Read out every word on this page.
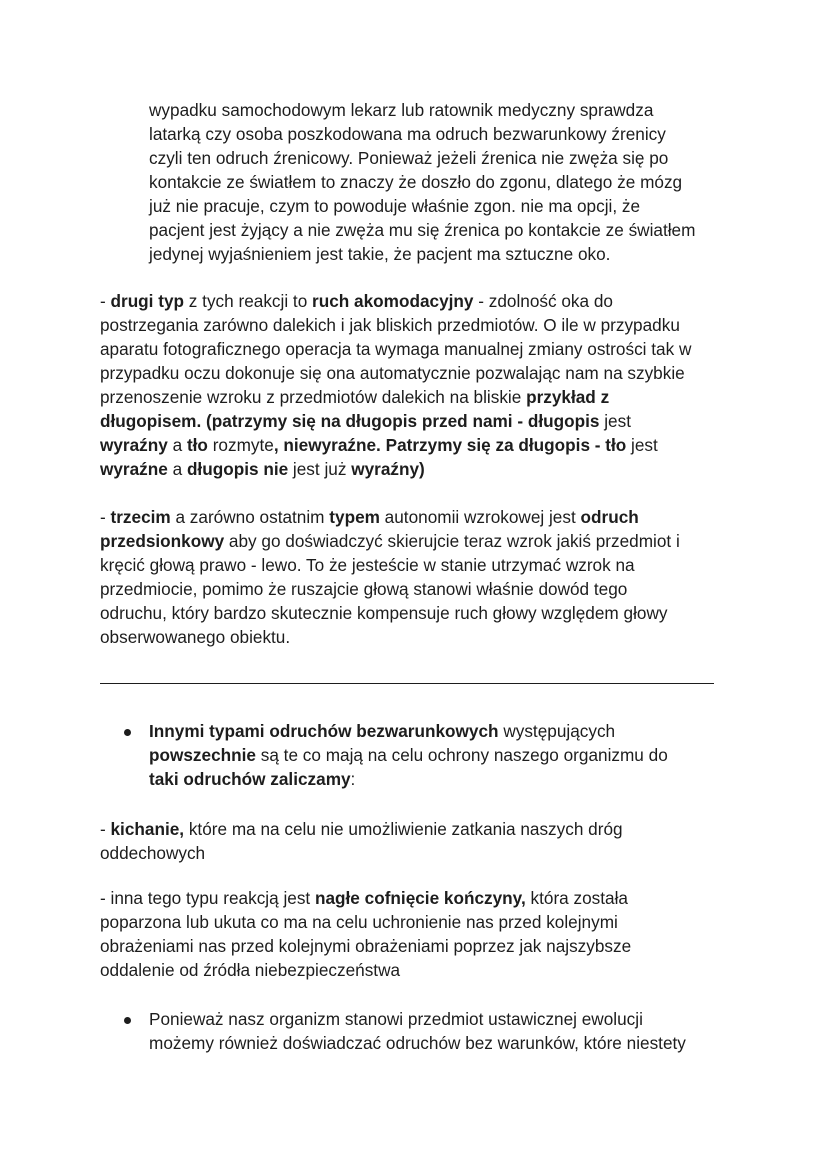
wypadku samochodowym lekarz lub ratownik medyczny sprawdza
latarką czy osoba poszkodowana ma odruch bezwarunkowy źrenicy
czyli ten odruch źrenicowy. Ponieważ jeżeli źrenica nie zwęża się po
kontakcie ze światłem to znaczy że doszło do zgonu, dlatego że mózg
już nie pracuje, czym to powoduje właśnie zgon. nie ma opcji, że
pacjent jest żyjący a nie zwęża mu się źrenica po kontakcie ze światłem
jedynej wyjaśnieniem jest takie, że pacjent ma sztuczne oko.
- drugi typ z tych reakcji to ruch akomodacyjny - zdolność oka do
postrzegania zarówno dalekich i jak bliskich przedmiotów. O ile w przypadku
aparatu fotograficznego operacja ta wymaga manualnej zmiany ostrości tak w
przypadku oczu dokonuje się ona automatycznie pozwalając nam na szybkie
przenoszenie wzroku z przedmiotów dalekich na bliskie przykład z
długopisem. (patrzymy się na długopis przed nami - długopis jest
wyraźny a tło rozmyte, niewyraźne. Patrzymy się za długopis - tło jest
wyraźne a długopis nie jest już wyraźny)
- trzecim a zarówno ostatnim typem autonomii wzrokowej jest odruch
przedsionkowy aby go doświadczyć skierujcie teraz wzrok jakiś przedmiot i
kręcić głową prawo - lewo. To że jesteście w stanie utrzymać wzrok na
przedmiocie, pomimo że ruszajcie głową stanowi właśnie dowód tego
odruchu, który bardzo skutecznie kompensuje ruch głowy względem głowy
obserwowanego obiektu.
Innymi typami odruchów bezwarunkowych występujących
powszechnie są te co mają na celu ochrony naszego organizmu do
taki odruchów zaliczamy:
- kichanie, które ma na celu nie umożliwienie zatkania naszych dróg
oddechowych
- inna tego typu reakcją jest nagłe cofnięcie kończyny, która została
poparzona lub ukuta co ma na celu uchronienie nas przed kolejnymi
obrażeniami nas przed kolejnymi obrażeniami poprzez jak najszybsze
oddalenie od źródła niebezpieczeństwa
Ponieważ nasz organizm stanowi przedmiot ustawicznej ewolucji
możemy również doświadczać odruchów bez warunków, które niestety
